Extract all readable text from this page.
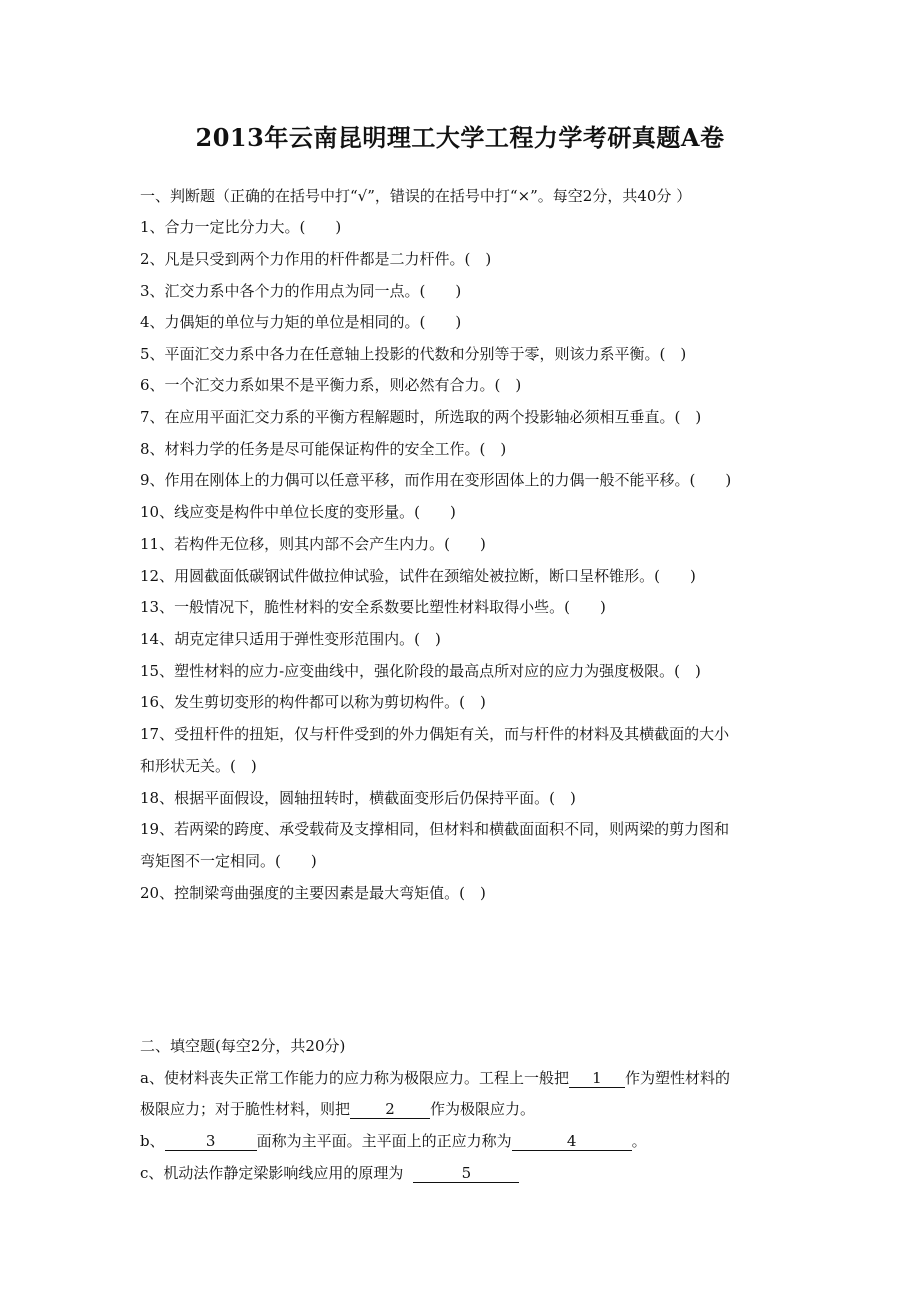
2013年云南昆明理工大学工程力学考研真题A卷
一、判断题（正确的在括号中打“√”，错误的在括号中打“×”。每空2分，共40分 ）
1、合力一定比分力大。(　　)
2、凡是只受到两个力作用的杆件都是二力杆件。(　)
3、汇交力系中各个力的作用点为同一点。(　　)
4、力偶矩的单位与力矩的单位是相同的。(　　)
5、平面汇交力系中各力在任意轴上投影的代数和分别等于零，则该力系平衡。(　)
6、一个汇交力系如果不是平衡力系，则必然有合力。(　)
7、在应用平面汇交力系的平衡方程解题时，所选取的两个投影轴必须相互垂直。(　)
8、材料力学的任务是尽可能保证构件的安全工作。(　)
9、作用在刚体上的力偶可以任意平移，而作用在变形固体上的力偶一般不能平移。(　　)
10、线应变是构件中单位长度的变形量。(　　)
11、若构件无位移，则其内部不会产生内力。(　　)
12、用圆截面低碳钢试件做拉伸试验，试件在颈缩处被拉断，断口呈杯锥形。(　　)
13、一般情况下，脆性材料的安全系数要比塑性材料取得小些。(　　)
14、胡克定律只适用于弹性变形范围内。(　)
15、塑性材料的应力-应变曲线中，强化阶段的最高点所对应的应力为强度极限。(　)
16、发生剪切变形的构件都可以称为剪切构件。(　)
17、受扭杆件的扭矩，仅与杆件受到的外力偶矩有关，而与杆件的材料及其横截面的大小
和形状无关。(　)
18、根据平面假设，圆轴扭转时，横截面变形后仍保持平面。(　)
19、若两梁的跨度、承受载荷及支撑相同，但材料和横截面面积不同，则两梁的剪力图和
弯矩图不一定相同。(　　)
20、控制梁弯曲强度的主要因素是最大弯矩值。(　)
二、填空题(每空2分，共20分)
a、使材料丧失正常工作能力的应力称为极限应力。工程上一般把 1 作为塑性材料的
极限应力；对于脆性材料，则把 2 作为极限应力。
b、	3	面称为主平面。主平面上的正应力称为	4	。
c、机动法作静定梁影响线应用的原理为	5
